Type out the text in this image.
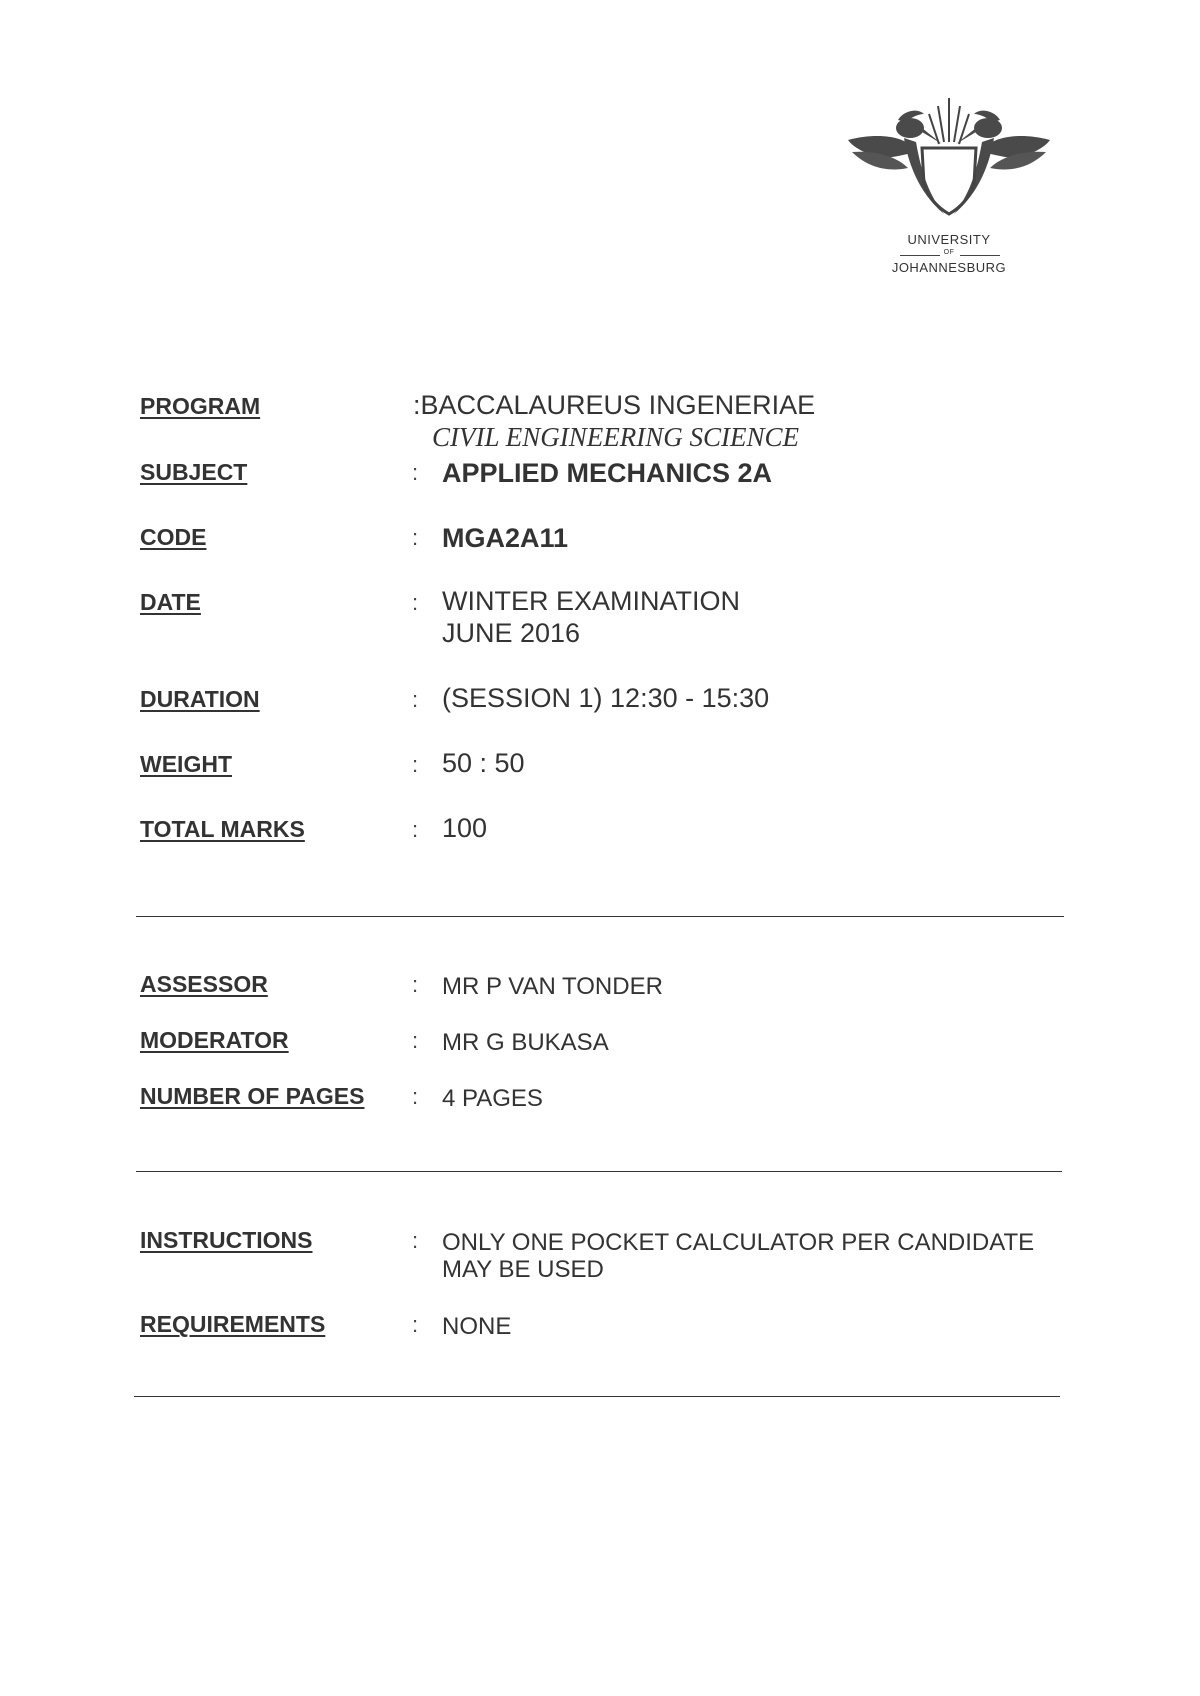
UNIVERSITY
OF
JOHANNESBURG
PROGRAM	:BACCALAUREUS INGENERIAE
CIVIL ENGINEERING SCIENCE
SUBJECT	: APPLIED MECHANICS 2A
CODE	: MGA2A11
DATE	: WINTER EXAMINATION
JUNE 2016
DURATION	: (SESSION 1) 12:30 - 15:30
WEIGHT	: 50 : 50
TOTAL MARKS	: 100
ASSESSOR	: MR P VAN TONDER
MODERATOR	: MR G BUKASA
NUMBER OF PAGES : 4 PAGES
INSTRUCTIONS	: ONLY ONE POCKET CALCULATOR PER CANDIDATE
MAY BE USED
REQUIREMENTS	: NONE
